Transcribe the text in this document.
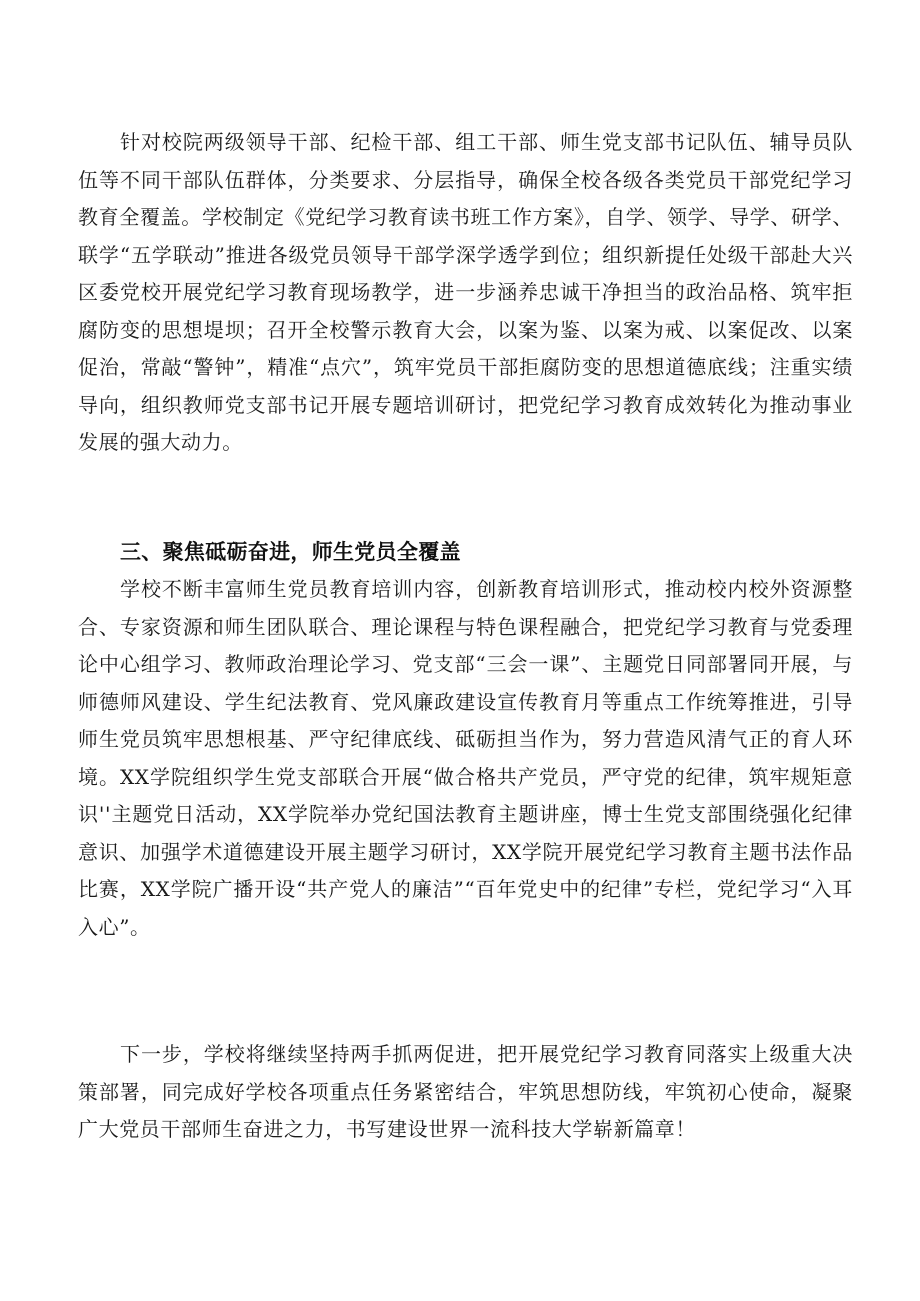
针对校院两级领导干部、纪检干部、组工干部、师生党支部书记队伍、辅导员队伍等不同干部队伍群体，分类要求、分层指导，确保全校各级各类党员干部党纪学习教育全覆盖。学校制定《党纪学习教育读书班工作方案》，自学、领学、导学、研学、联学“五学联动”推进各级党员领导干部学深学透学到位；组织新提任处级干部赴大兴区委党校开展党纪学习教育现场教学，进一步涵养忠诚干净担当的政治品格、筑牢拒腐防变的思想堤坝；召开全校警示教育大会，以案为鉴、以案为戒、以案促改、以案促治，常敲“警钟”，精准“点穴”，筑牢党员干部拒腐防变的思想道德底线；注重实绩导向，组织教师党支部书记开展专题培训研讨，把党纪学习教育成效转化为推动事业发展的强大动力。

三、聚焦砥砺奋进，师生党员全覆盖

学校不断丰富师生党员教育培训内容，创新教育培训形式，推动校内校外资源整合、专家资源和师生团队联合、理论课程与特色课程融合，把党纪学习教育与党委理论中心组学习、教师政治理论学习、党支部“三会一课”、主题党日同部署同开展，与师德师风建设、学生纪法教育、党风廉政建设宣传教育月等重点工作统筹推进，引导师生党员筑牢思想根基、严守纪律底线、砥砺担当作为，努力营造风清气正的育人环境。XX学院组织学生党支部联合开展“做合格共产党员，严守党的纪律，筑牢规矩意识''主题党日活动，XX学院举办党纪国法教育主题讲座，博士生党支部围绕强化纪律意识、加强学术道德建设开展主题学习研讨，XX学院开展党纪学习教育主题书法作品比赛，XX学院广播开设“共产党人的廉洁”“百年党史中的纪律”专栏，党纪学习“入耳入心”。

下一步，学校将继续坚持两手抓两促进，把开展党纪学习教育同落实上级重大决策部署，同完成好学校各项重点任务紧密结合，牢筑思想防线，牢筑初心使命，凝聚广大党员干部师生奋进之力，书写建设世界一流科技大学崭新篇章！
